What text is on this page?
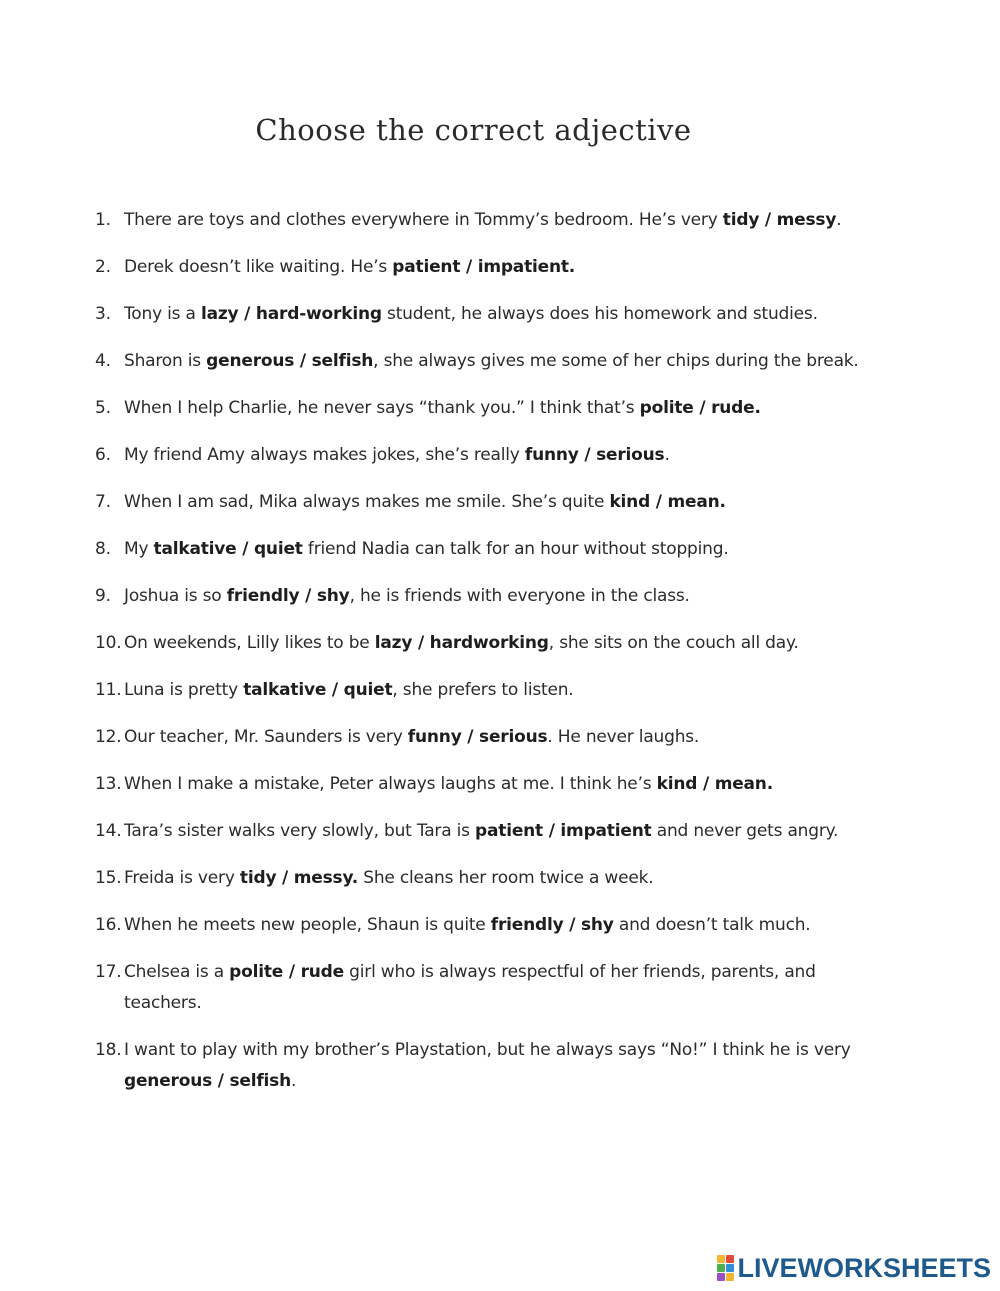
Choose the correct adjective
1. There are toys and clothes everywhere in Tommy’s bedroom. He’s very tidy / messy.
2. Derek doesn’t like waiting. He’s patient / impatient.
3. Tony is a lazy / hard-working student, he always does his homework and studies.
4. Sharon is generous / selfish, she always gives me some of her chips during the break.
5. When I help Charlie, he never says “thank you.” I think that’s polite / rude.
6. My friend Amy always makes jokes, she’s really funny / serious.
7. When I am sad, Mika always makes me smile. She’s quite kind / mean.
8. My talkative / quiet friend Nadia can talk for an hour without stopping.
9. Joshua is so friendly / shy, he is friends with everyone in the class.
10. On weekends, Lilly likes to be lazy / hardworking, she sits on the couch all day.
11. Luna is pretty talkative / quiet, she prefers to listen.
12. Our teacher, Mr. Saunders is very funny / serious. He never laughs.
13. When I make a mistake, Peter always laughs at me. I think he’s kind / mean.
14. Tara’s sister walks very slowly, but Tara is patient / impatient and never gets angry.
15. Freida is very tidy / messy. She cleans her room twice a week.
16. When he meets new people, Shaun is quite friendly / shy and doesn’t talk much.
17. Chelsea is a polite / rude girl who is always respectful of her friends, parents, and teachers.
18. I want to play with my brother’s Playstation, but he always says “No!” I think he is very generous / selfish.
LIVEWORKSHEETS
